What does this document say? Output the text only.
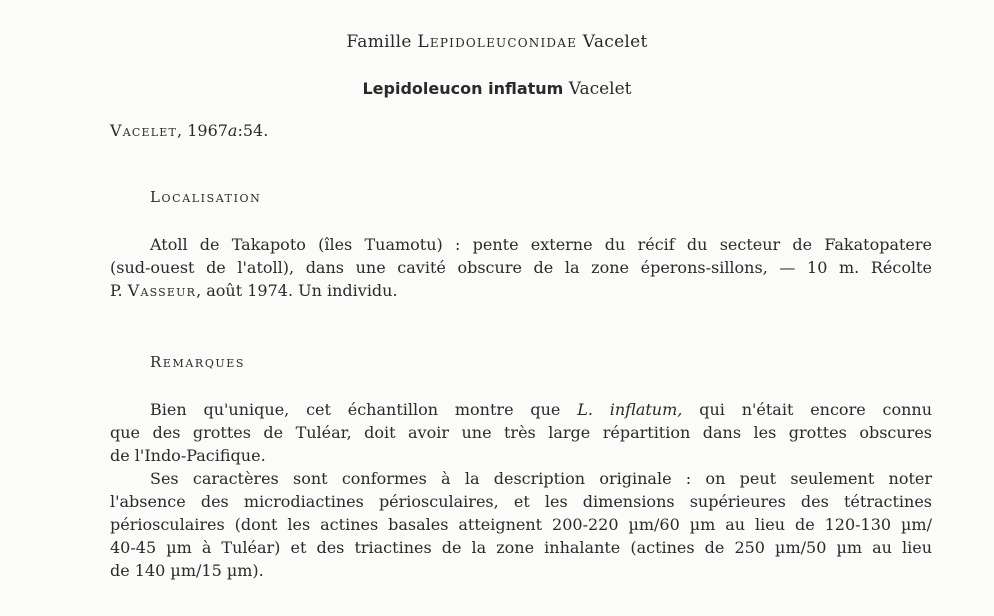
Famille Lepidoleuconidae Vacelet
Lepidoleucon inflatum Vacelet
Vacelet, 1967a:54.
Localisation
Atoll de Takapoto (îles Tuamotu) : pente externe du récif du secteur de Fakatopatere
(sud-ouest de l'atoll), dans une cavité obscure de la zone éperons-sillons, — 10 m. Récolte
P. Vasseur, août 1974. Un individu.
Remarques
Bien qu'unique, cet échantillon montre que L. inflatum, qui n'était encore connu
que des grottes de Tuléar, doit avoir une très large répartition dans les grottes obscures
de l'Indo-Pacifique.
Ses caractères sont conformes à la description originale : on peut seulement noter
l'absence des microdiactines périosculaires, et les dimensions supérieures des tétractines
périosculaires (dont les actines basales atteignent 200-220 µm/60 µm au lieu de 120-130 µm/
40-45 µm à Tuléar) et des triactines de la zone inhalante (actines de 250 µm/50 µm au lieu
de 140 µm/15 µm).
